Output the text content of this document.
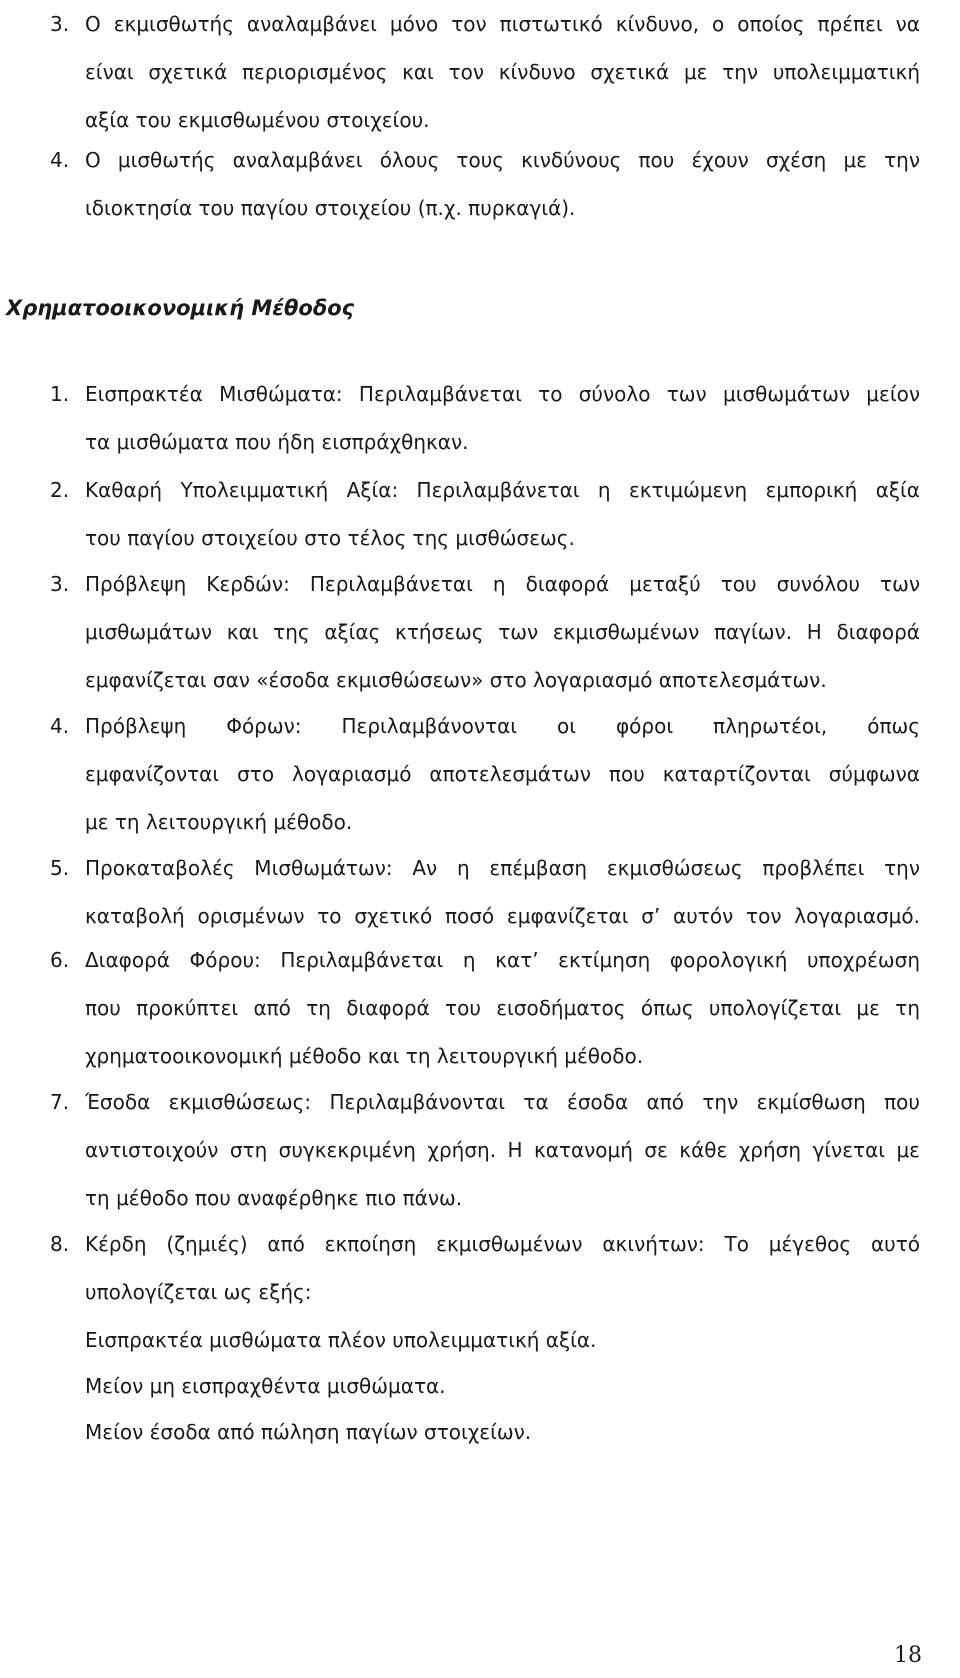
3. Ο εκμισθωτής αναλαμβάνει μόνο τον πιστωτικό κίνδυνο, ο οποίος πρέπει να
είναι σχετικά περιορισμένος και τον κίνδυνο σχετικά με την υπολειμματική
αξία του εκμισθωμένου στοιχείου.
4. Ο μισθωτής αναλαμβάνει όλους τους κινδύνους που έχουν σχέση με την
ιδιοκτησία του παγίου στοιχείου (π.χ. πυρκαγιά).
Χρηματοοικονομική Μέθοδος
1. Εισπρακτέα Μισθώματα: Περιλαμβάνεται το σύνολο των μισθωμάτων μείον
τα μισθώματα που ήδη εισπράχθηκαν.
2. Καθαρή Υπολειμματική Αξία: Περιλαμβάνεται η εκτιμώμενη εμπορική αξία
του παγίου στοιχείου στο τέλος της μισθώσεως.
3. Πρόβλεψη Κερδών: Περιλαμβάνεται η διαφορά μεταξύ του συνόλου των
μισθωμάτων και της αξίας κτήσεως των εκμισθωμένων παγίων. Η διαφορά
εμφανίζεται σαν «έσοδα εκμισθώσεων» στο λογαριασμό αποτελεσμάτων.
4. Πρόβλεψη Φόρων: Περιλαμβάνονται οι φόροι πληρωτέοι, όπως
εμφανίζονται στο λογαριασμό αποτελεσμάτων που καταρτίζονται σύμφωνα
με τη λειτουργική μέθοδο.
5. Προκαταβολές Μισθωμάτων: Αν η επέμβαση εκμισθώσεως προβλέπει την
καταβολή ορισμένων το σχετικό ποσό εμφανίζεται σ’ αυτόν τον λογαριασμό.
6. Διαφορά Φόρου: Περιλαμβάνεται η κατ’ εκτίμηση φορολογική υποχρέωση
που προκύπτει από τη διαφορά του εισοδήματος όπως υπολογίζεται με τη
χρηματοοικονομική μέθοδο και τη λειτουργική μέθοδο.
7. Έσοδα εκμισθώσεως: Περιλαμβάνονται τα έσοδα από την εκμίσθωση που
αντιστοιχούν στη συγκεκριμένη χρήση. Η κατανομή σε κάθε χρήση γίνεται με
τη μέθοδο που αναφέρθηκε πιο πάνω.
8. Κέρδη (ζημιές) από εκποίηση εκμισθωμένων ακινήτων: Το μέγεθος αυτό
υπολογίζεται ως εξής:
Εισπρακτέα μισθώματα πλέον υπολειμματική αξία.
Μείον μη εισπραχθέντα μισθώματα.
Μείον έσοδα από πώληση παγίων στοιχείων.
18
